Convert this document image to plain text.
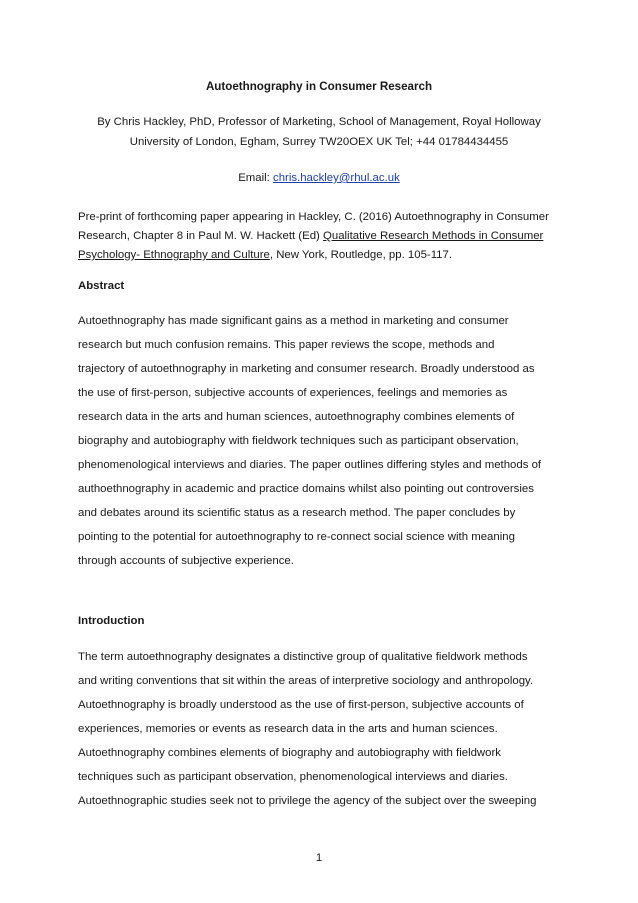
Autoethnography in Consumer Research
By Chris Hackley, PhD, Professor of Marketing, School of Management, Royal Holloway
University of London, Egham, Surrey TW20OEX UK Tel; +44 01784434455
Email: chris.hackley@rhul.ac.uk
Pre-print of forthcoming paper appearing in Hackley, C. (2016) Autoethnography in Consumer Research, Chapter 8 in Paul M. W. Hackett (Ed) Qualitative Research Methods in Consumer Psychology- Ethnography and Culture, New York, Routledge, pp. 105-117.
Abstract
Autoethnography has made significant gains as a method in marketing and consumer
research but much confusion remains. This paper reviews the scope, methods and
trajectory of autoethnography in marketing and consumer research. Broadly understood as
the use of first-person, subjective accounts of experiences, feelings and memories as
research data in the arts and human sciences, autoethnography combines elements of
biography and autobiography with fieldwork techniques such as participant observation,
phenomenological interviews and diaries. The paper outlines differing styles and methods of
authoethnography in academic and practice domains whilst also pointing out controversies
and debates around its scientific status as a research method. The paper concludes by
pointing to the potential for autoethnography to re-connect social science with meaning
through accounts of subjective experience.
Introduction
The term autoethnography designates a distinctive group of qualitative fieldwork methods
and writing conventions that sit within the areas of interpretive sociology and anthropology.
Autoethnography is broadly understood as the use of first-person, subjective accounts of
experiences, memories or events as research data in the arts and human sciences.
Autoethnography combines elements of biography and autobiography with fieldwork
techniques such as participant observation, phenomenological interviews and diaries.
Autoethnographic studies seek not to privilege the agency of the subject over the sweeping
1
